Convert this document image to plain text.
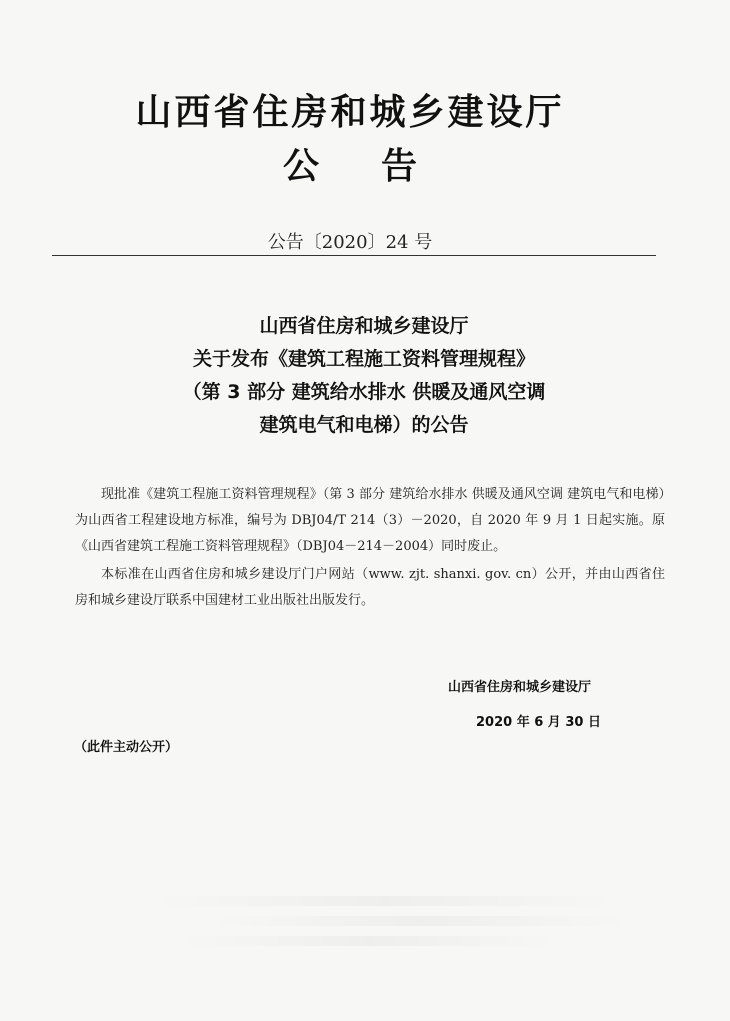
山西省住房和城乡建设厅
公 告
公告〔2020〕24 号
山西省住房和城乡建设厅
关于发布《建筑工程施工资料管理规程》
（第 3 部分 建筑给水排水 供暖及通风空调
建筑电气和电梯）的公告

现批准《建筑工程施工资料管理规程》（第 3 部分 建筑给水排水 供暖及通风空调 建筑电气和电梯）为山西省工程建设地方标准，编号为 DBJ04/T 214（3）－2020，自 2020 年 9 月 1 日起实施。原《山西省建筑工程施工资料管理规程》（DBJ04－214－2004）同时废止。

本标准在山西省住房和城乡建设厅门户网站（www. zjt. shanxi. gov. cn）公开，并由山西省住房和城乡建设厅联系中国建材工业出版社出版发行。

山西省住房和城乡建设厅
2020 年 6 月 30 日
（此件主动公开）
